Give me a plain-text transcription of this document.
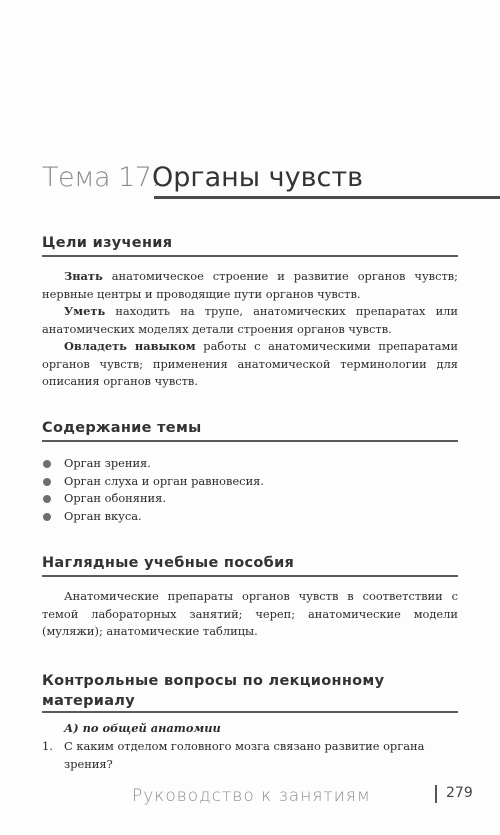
Тема 17.
Органы чувств
Цели изучения
Знать анатомическое строение и развитие органов чувств; нервные центры и проводящие пути органов чувств.
Уметь находить на трупе, анатомических препаратах или анатомических моделях детали строения органов чувств.
Овладеть навыком работы с анатомическими препаратами органов чувств; применения анатомической терминологии для описания органов чувств.
Содержание темы
Орган зрения.
Орган слуха и орган равновесия.
Орган обоняния.
Орган вкуса.
Наглядные учебные пособия
Анатомические препараты органов чувств в соответствии с темой лабораторных занятий; череп; анатомические модели (муляжи); анатомические таблицы.
Контрольные вопросы по лекционному
материалу
А) по общей анатомии
1. С каким отделом головного мозга связано развитие органа зрения?
Руководство к занятиям	279
